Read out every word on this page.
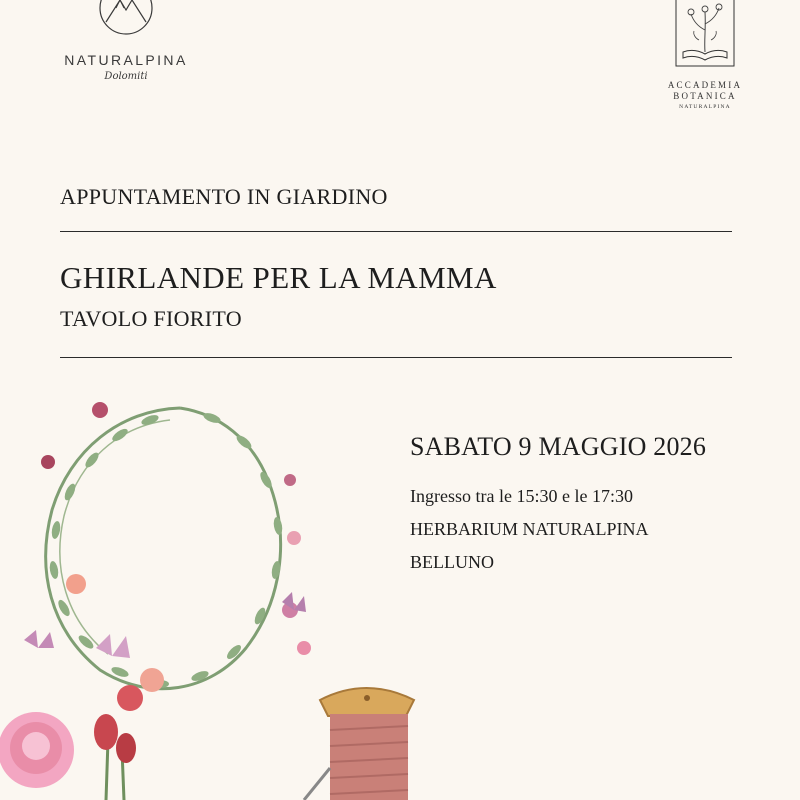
NATURALPINA
Dolomiti
ACCADEMIA
BOTANICA
NATURALPINA
APPUNTAMENTO IN GIARDINO
GHIRLANDE PER LA MAMMA
TAVOLO FIORITO
SABATO 9 MAGGIO 2026
Ingresso tra le 15:30 e le 17:30
HERBARIUM NATURALPINA
BELLUNO
